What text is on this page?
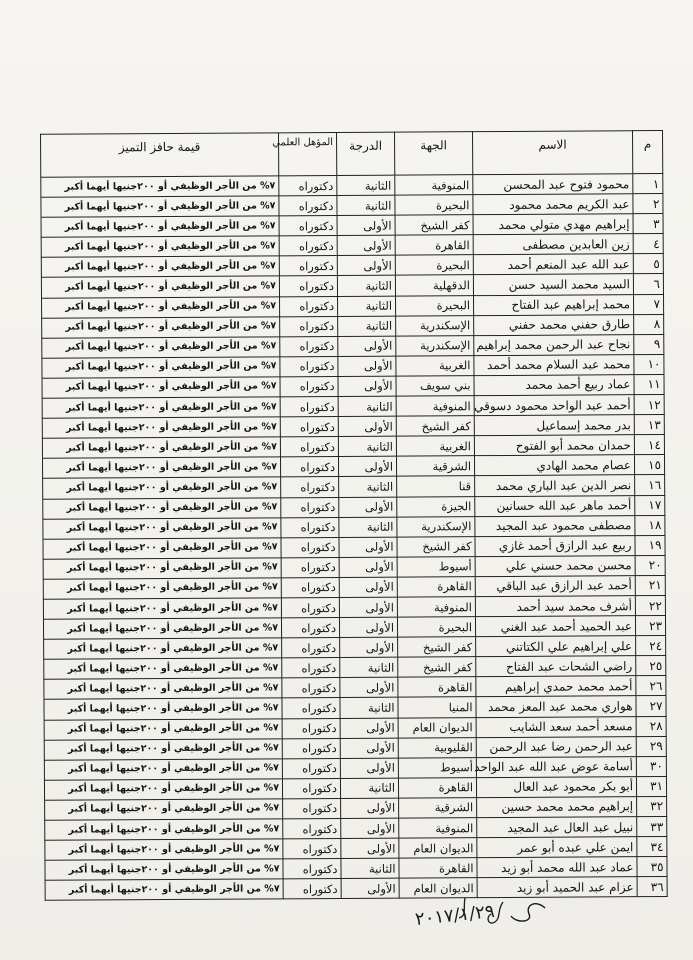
م	الاسم	الجهة	الدرجة	المؤهل العلمي	قيمة حافز التميز
١	محمود فتوح عبد المحسن	المنوفية	الثانية	دكتوراه	٧% من الأجر الوظيفي أو ٢٠٠جنيها أيهما أكبر
٢	عبد الكريم محمد محمود	البحيرة	الثانية	دكتوراه	٧% من الأجر الوظيفي أو ٢٠٠جنيها أيهما أكبر
٣	إبراهيم مهدي متولي محمد	كفر الشيخ	الأولى	دكتوراه	٧% من الأجر الوظيفي أو ٢٠٠جنيها أيهما أكبر
٤	زين العابدين مصطفى	القاهرة	الأولى	دكتوراه	٧% من الأجر الوظيفي أو ٢٠٠جنيها أيهما أكبر
٥	عبد الله عبد المنعم أحمد	البحيرة	الأولى	دكتوراه	٧% من الأجر الوظيفي أو ٢٠٠جنيها أيهما أكبر
٦	السيد محمد السيد حسن	الدقهلية	الثانية	دكتوراه	٧% من الأجر الوظيفي أو ٢٠٠جنيها أيهما أكبر
٧	محمد إبراهيم عبد الفتاح	البحيرة	الثانية	دكتوراه	٧% من الأجر الوظيفي أو ٢٠٠جنيها أيهما أكبر
٨	طارق حفني محمد حفني	الإسكندرية	الثانية	دكتوراه	٧% من الأجر الوظيفي أو ٢٠٠جنيها أيهما أكبر
٩	نجاح عبد الرحمن محمد إبراهيم	الإسكندرية	الأولى	دكتوراه	٧% من الأجر الوظيفي أو ٢٠٠جنيها أيهما أكبر
١٠	محمد عبد السلام محمد أحمد	الغربية	الأولى	دكتوراه	٧% من الأجر الوظيفي أو ٢٠٠جنيها أيهما أكبر
١١	عماد ربيع أحمد محمد	بني سويف	الأولى	دكتوراه	٧% من الأجر الوظيفي أو ٢٠٠جنيها أيهما أكبر
١٢	أحمد عبد الواحد محمود دسوقي	المنوفية	الثانية	دكتوراه	٧% من الأجر الوظيفي أو ٢٠٠جنيها أيهما أكبر
١٣	بدر محمد إسماعيل	كفر الشيخ	الأولى	دكتوراه	٧% من الأجر الوظيفي أو ٢٠٠جنيها أيهما أكبر
١٤	حمدان محمد أبو الفتوح	الغربية	الثانية	دكتوراه	٧% من الأجر الوظيفي أو ٢٠٠جنيها أيهما أكبر
١٥	عصام محمد الهادي	الشرقية	الأولى	دكتوراه	٧% من الأجر الوظيفي أو ٢٠٠جنيها أيهما أكبر
١٦	نصر الدين عبد الباري محمد	قنا	الثانية	دكتوراه	٧% من الأجر الوظيفي أو ٢٠٠جنيها أيهما أكبر
١٧	أحمد ماهر عبد الله حسانين	الجيزة	الأولى	دكتوراه	٧% من الأجر الوظيفي أو ٢٠٠جنيها أيهما أكبر
١٨	مصطفى محمود عبد المجيد	الإسكندرية	الثانية	دكتوراه	٧% من الأجر الوظيفي أو ٢٠٠جنيها أيهما أكبر
١٩	ربيع عبد الرازق أحمد غازي	كفر الشيخ	الأولى	دكتوراه	٧% من الأجر الوظيفي أو ٢٠٠جنيها أيهما أكبر
٢٠	محسن محمد حسني علي	أسيوط	الأولى	دكتوراه	٧% من الأجر الوظيفي أو ٢٠٠جنيها أيهما أكبر
٢١	أحمد عبد الرازق عبد الباقي	القاهرة	الأولى	دكتوراه	٧% من الأجر الوظيفي أو ٢٠٠جنيها أيهما أكبر
٢٢	أشرف محمد سيد أحمد	المنوفية	الأولى	دكتوراه	٧% من الأجر الوظيفي أو ٢٠٠جنيها أيهما أكبر
٢٣	عبد الحميد أحمد عبد الغني	البحيرة	الأولى	دكتوراه	٧% من الأجر الوظيفي أو ٢٠٠جنيها أيهما أكبر
٢٤	علي إبراهيم علي الكتاتني	كفر الشيخ	الأولى	دكتوراه	٧% من الأجر الوظيفي أو ٢٠٠جنيها أيهما أكبر
٢٥	راضي الشحات عبد الفتاح	كفر الشيخ	الثانية	دكتوراه	٧% من الأجر الوظيفي أو ٢٠٠جنيها أيهما أكبر
٢٦	أحمد محمد حمدي إبراهيم	القاهرة	الأولى	دكتوراه	٧% من الأجر الوظيفي أو ٢٠٠جنيها أيهما أكبر
٢٧	هواري محمد عبد المعز محمد	المنيا	الثانية	دكتوراه	٧% من الأجر الوظيفي أو ٢٠٠جنيها أيهما أكبر
٢٨	مسعد أحمد سعد الشايب	الديوان العام	الأولى	دكتوراه	٧% من الأجر الوظيفي أو ٢٠٠جنيها أيهما أكبر
٢٩	عبد الرحمن رضا عبد الرحمن	القليوبية	الأولى	دكتوراه	٧% من الأجر الوظيفي أو ٢٠٠جنيها أيهما أكبر
٣٠	أسامة عوض عبد الله عبد الواحد	أسيوط	الأولى	دكتوراه	٧% من الأجر الوظيفي أو ٢٠٠جنيها أيهما أكبر
٣١	أبو بكر محمود عبد العال	القاهرة	الثانية	دكتوراه	٧% من الأجر الوظيفي أو ٢٠٠جنيها أيهما أكبر
٣٢	إبراهيم محمد محمد حسين	الشرقية	الأولى	دكتوراه	٧% من الأجر الوظيفي أو ٢٠٠جنيها أيهما أكبر
٣٣	نبيل عبد العال عبد المجيد	المنوفية	الأولى	دكتوراه	٧% من الأجر الوظيفي أو ٢٠٠جنيها أيهما أكبر
٣٤	ايمن علي عبده أبو عمر	الديوان العام	الأولى	دكتوراه	٧% من الأجر الوظيفي أو ٢٠٠جنيها أيهما أكبر
٣٥	عماد عبد الله محمد أبو زيد	القاهرة	الثانية	دكتوراه	٧% من الأجر الوظيفي أو ٢٠٠جنيها أيهما أكبر
٣٦	عزام عبد الحميد أبو زيد	الديوان العام	الأولى	دكتوراه	٧% من الأجر الوظيفي أو ٢٠٠جنيها أيهما أكبر
٢٠١٧/١/٢٩
